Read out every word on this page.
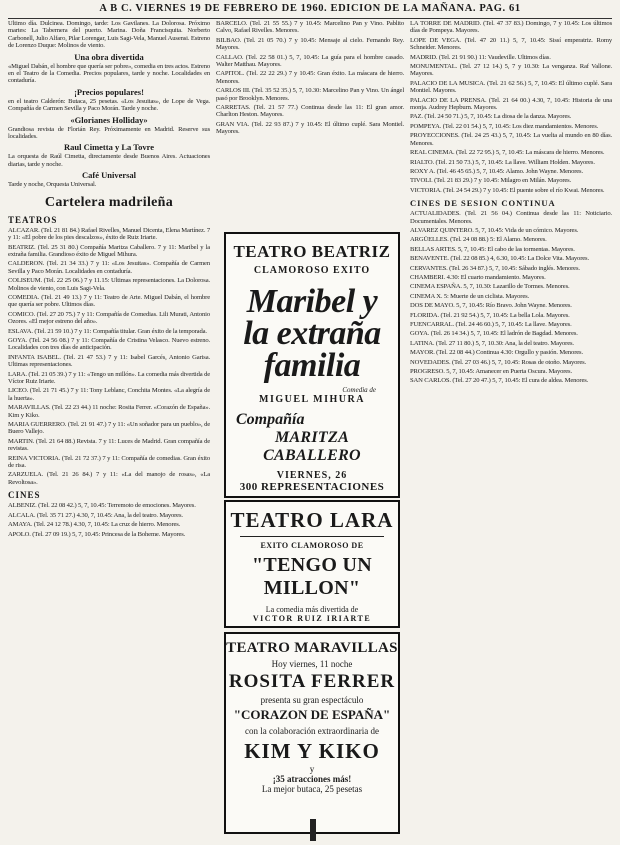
A B C. VIERNES 19 DE FEBRERO DE 1960. EDICION DE LA MAÑANA. PAG. 61
Ultimo día. Dulcinea. Domingo, tarde: Los Gavilanes. La Dolorosa. Próximo martes: La Tabernera del puerto. Marina. Doña Francisquita. Norberto Carbonell, Julio Alfaro, Pilar Lorengar, Luis Sagi-Vela, Manuel Ausensi. Estreno de Lorenzo Duque: Molinos de viento.
Una obra divertida
«Miguel Dabán, el hombre que quería ser pobre», comedia en tres actos. Estreno en el Teatro de la Comedia. Precios populares, tarde y noche. Localidades en contaduría.
¡Precios populares!
en el teatro Calderón: Butaca, 25 pesetas. «Los Jesuitas», de Lope de Vega. Compañía de Carmen Sevilla y Paco Morán. Tarde y noche.
«Glorianes Holliday»
Grandiosa revista de Florián Rey. Próximamente en Madrid. Reserve sus localidades.
Raul Cimetta y La Tovre
La orquesta de Raúl Cimetta, directamente desde Buenos Aires. Actuaciones diarias, tarde y noche.
Café Universal
Tarde y noche, Orquesta Universal.
Cartelera madrileña
TEATROS
ALCAZAR. (Tel. 21 81 84.) Rafael Rivelles, Manuel Dicenta, Elena Martínez. 7 y 11: «El pobre de los pies descalzos», éxito de Ruiz Iriarte.
BEATRIZ. (Tel. 25 31 80.) Compañía Maritza Caballero. 7 y 11: Maribel y la extraña familia. Grandioso éxito de Miguel Mihura.
CALDERON. (Tel. 21 34 33.) 7 y 11: «Los Jesuitas». Compañía de Carmen Sevilla y Paco Morán. Localidades en contaduría.
COLISEUM. (Tel. 22 25 06.) 7 y 11.15: Ultimas representaciones. La Dolorosa. Molinos de viento, con Luis Sagi-Vela.
COMEDIA. (Tel. 21 49 13.) 7 y 11: Teatro de Arte. Miguel Dabán, el hombre que quería ser pobre. Ultimos días.
COMICO. (Tel. 27 20 75.) 7 y 11: Compañía de Comedias. Lili Murati, Antonio Ozores. «El mejor estreno del año».
ESLAVA. (Tel. 21 59 10.) 7 y 11: Compañía titular. Gran éxito de la temporada.
GOYA. (Tel. 24 56 08.) 7 y 11: Compañía de Cristina Velasco. Nuevo estreno. Localidades con tres días de anticipación.
INFANTA ISABEL. (Tel. 21 47 53.) 7 y 11: Isabel Garcés, Antonio Garisa. Ultimas representaciones.
LARA. (Tel. 21 05 39.) 7 y 11: «Tengo un millón». La comedia más divertida de Víctor Ruiz Iriarte.
LICEO. (Tel. 21 71 45.) 7 y 11: Tony Leblanc, Conchita Montes. «La alegría de la huerta».
MARAVILLAS. (Tel. 22 23 44.) 11 noche: Rosita Ferrer. «Corazón de España». Kim y Kiko.
MARIA GUERRERO. (Tel. 21 91 47.) 7 y 11: «Un soñador para un pueblo», de Buero Vallejo.
MARTIN. (Tel. 21 64 88.) Revista. 7 y 11: Luces de Madrid. Gran compañía de revistas.
REINA VICTORIA. (Tel. 21 72 37.) 7 y 11: Compañía de comedias. Gran éxito de risa.
ZARZUELA. (Tel. 21 26 84.) 7 y 11: «La del manojo de rosas», «La Revoltosa».
CINES
ALBENIZ. (Tel. 22 08 42.) 5, 7, 10.45: Terremoto de emociones. Mayores.
ALCALA. (Tel. 35 71 27.) 4.30, 7, 10.45: Ana, la del teatro. Mayores.
AMAYA. (Tel. 24 12 78.) 4.30, 7, 10.45: La cruz de hierro. Menores.
APOLO. (Tel. 27 09 19.) 5, 7, 10.45: Princesa de la Boheme. Mayores.
BARCELO. (Tel. 21 55 55.) 7 y 10.45: Marcelino Pan y Vino. Pablito Calvo, Rafael Rivelles. Menores.
BILBAO. (Tel. 21 05 70.) 7 y 10.45: Mensaje al cielo. Fernando Rey. Mayores.
CALLAO. (Tel. 22 58 01.) 5, 7, 10.45: La guía para el hombre casado. Walter Matthau. Mayores.
CAPITOL. (Tel. 22 22 29.) 7 y 10.45: Gran éxito. La máscara de hierro. Menores.
CARLOS III. (Tel. 35 52 35.) 5, 7, 10.30: Marcelino Pan y Vino. Un ángel pasó por Brooklyn. Menores.
CARRETAS. (Tel. 21 57 77.) Continua desde las 11: El gran amor. Charlton Heston. Mayores.
GRAN VIA. (Tel. 22 93 87.) 7 y 10.45: El último cuplé. Sara Montiel. Mayores.
TEATRO BEATRIZ
CLAMOROSO EXITO
Maribel y
la extraña
familia
Comedia de
MIGUEL MIHURA
Compañía
MARITZA CABALLERO
VIERNES, 26
300 REPRESENTACIONES
TEATRO LARA
EXITO CLAMOROSO DE
"TENGO UN MILLON"
La comedia más divertida de
VICTOR RUIZ IRIARTE
TEATRO MARAVILLAS
Hoy viernes, 11 noche
ROSITA FERRER
presenta su gran espectáculo
"CORAZON DE ESPAÑA"
con la colaboración extraordinaria de
KIM Y KIKO
y
¡35 atracciones más!
La mejor butaca, 25 pesetas
LA TORRE DE MADRID. (Tel. 47 37 83.) Domingo, 7 y 10.45: Los últimos días de Pompeya. Mayores.
LOPE DE VEGA. (Tel. 47 20 11.) 5, 7, 10.45: Sissí emperatriz. Romy Schneider. Menores.
MADRID. (Tel. 21 91 90.) 11: Vaudeville. Ultimos días.
MONUMENTAL. (Tel. 27 12 14.) 5, 7 y 10.30: La venganza. Raf Vallone. Mayores.
PALACIO DE LA MUSICA. (Tel. 21 62 56.) 5, 7, 10.45: El último cuplé. Sara Montiel. Mayores.
PALACIO DE LA PRENSA. (Tel. 21 64 00.) 4.30, 7, 10.45: Historia de una monja. Audrey Hepburn. Mayores.
PAZ. (Tel. 24 50 71.) 5, 7, 10.45: La diosa de la danza. Mayores.
POMPEYA. (Tel. 22 01 54.) 5, 7, 10.45: Los diez mandamientos. Menores.
PROYECCIONES. (Tel. 24 25 43.) 5, 7, 10.45: La vuelta al mundo en 80 días. Menores.
REAL CINEMA. (Tel. 22 72 95.) 5, 7, 10.45: La máscara de hierro. Menores.
RIALTO. (Tel. 21 50 73.) 5, 7, 10.45: La llave. William Holden. Mayores.
ROXY A. (Tel. 46 45 65.) 5, 7, 10.45: Alamo. John Wayne. Menores.
TIVOLI. (Tel. 21 83 29.) 7 y 10.45: Milagro en Milán. Mayores.
VICTORIA. (Tel. 24 54 29.) 7 y 10.45: El puente sobre el río Kwai. Menores.
CINES DE SESION CONTINUA
ACTUALIDADES. (Tel. 21 56 04.) Continua desde las 11: Noticiario. Documentales. Menores.
ALVAREZ QUINTERO. 5, 7, 10.45: Vida de un cómico. Mayores.
ARGÜELLES. (Tel. 24 08 88.) 5: El Alamo. Menores.
BELLAS ARTES. 5, 7, 10.45: El cabo de las tormentas. Mayores.
BENAVENTE. (Tel. 22 08 85.) 4, 6.30, 10.45: La Dolce Vita. Mayores.
CERVANTES. (Tel. 26 34 87.) 5, 7, 10.45: Sábado inglés. Menores.
CHAMBERI. 4.30: El cuarto mandamiento. Mayores.
CINEMA ESPAÑA. 5, 7, 10.30: Lazarillo de Tormes. Menores.
CINEMA X. 5: Muerte de un ciclista. Mayores.
DOS DE MAYO. 5, 7, 10.45: Río Bravo. John Wayne. Menores.
FLORIDA. (Tel. 21 92 54.) 5, 7, 10.45: La bella Lola. Mayores.
FUENCARRAL. (Tel. 24 46 60.) 5, 7, 10.45: La llave. Mayores.
GOYA. (Tel. 26 14 34.) 5, 7, 10.45: El ladrón de Bagdad. Menores.
LATINA. (Tel. 27 11 80.) 5, 7, 10.30: Ana, la del teatro. Mayores.
MAYOR. (Tel. 22 08 44.) Continua 4.30: Orgullo y pasión. Menores.
NOVEDADES. (Tel. 27 03 46.) 5, 7, 10.45: Rosas de otoño. Mayores.
PROGRESO. 5, 7, 10.45: Amanecer en Puerta Oscura. Mayores.
SAN CARLOS. (Tel. 27 20 47.) 5, 7, 10.45: El cura de aldea. Menores.
